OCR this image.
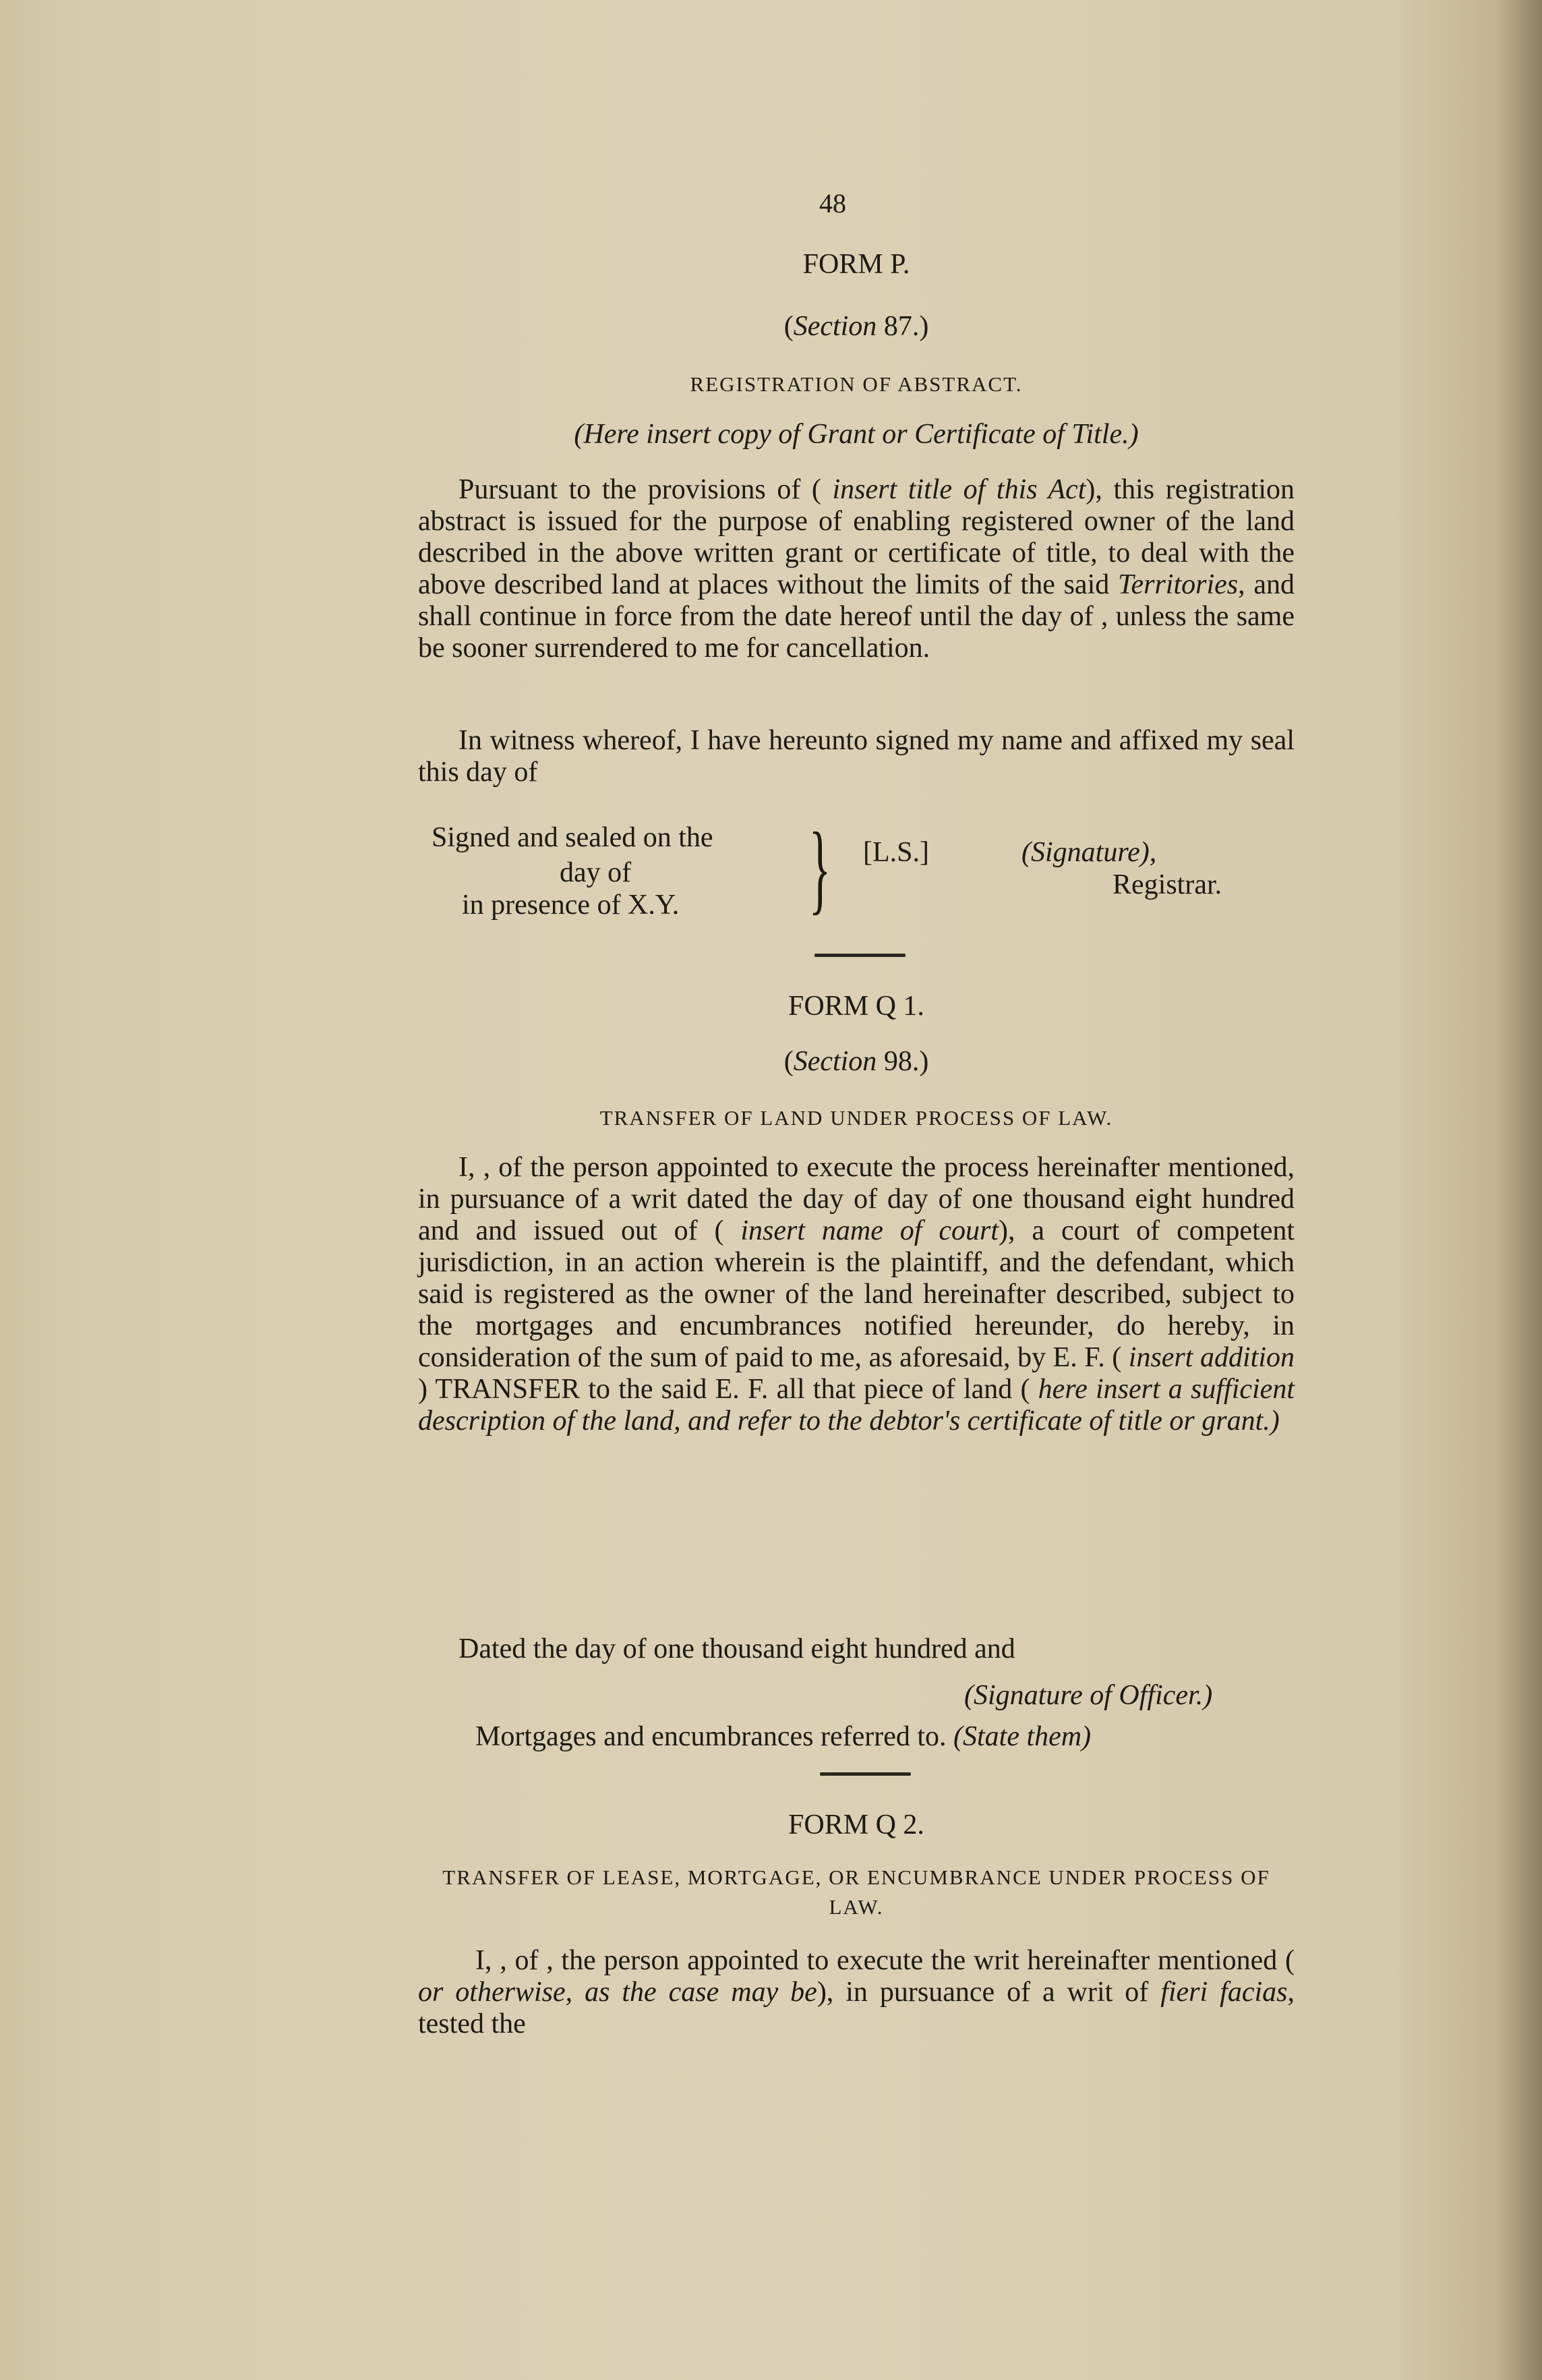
48
FORM P.
(Section 87.)
REGISTRATION OF ABSTRACT.
(Here insert copy of Grant or Certificate of Title.)
Pursuant to the provisions of ( insert title of this Act), this registration abstract is issued for the purpose of enabling registered owner of the land described in the above written grant or certificate of title, to deal with the above described land at places without the limits of the said Territories, and shall continue in force from the date hereof until the day of , unless the same be sooner surrendered to me for cancellation.
In witness whereof, I have hereunto signed my name and affixed my seal this day of
Signed and sealed on the
day of
in presence of X.Y. } [L.S.]	(Signature),
Registrar.
FORM Q 1.
(Section 98.)
TRANSFER OF LAND UNDER PROCESS OF LAW.
I, , of the person appointed to execute the process hereinafter mentioned, in pursuance of a writ dated the day of day of one thousand eight hundred and and issued out of ( insert name of court), a court of competent jurisdiction, in an action wherein is the plaintiff, and the defendant, which said is registered as the owner of the land hereinafter described, subject to the mortgages and encumbrances notified hereunder, do hereby, in consideration of the sum of paid to me, as aforesaid, by E. F. ( insert addition ) TRANSFER to the said E. F. all that piece of land ( here insert a sufficient description of the land, and refer to the debtor's certificate of title or grant.)
Dated the day of one thousand eight hundred and
(Signature of Officer.)
Mortgages and encumbrances referred to. (State them)
FORM Q 2.
TRANSFER OF LEASE, MORTGAGE, OR ENCUMBRANCE UNDER PROCESS OF LAW.
I, , of , the person appointed to execute the writ hereinafter mentioned ( or otherwise, as the case may be), in pursuance of a writ of fieri facias, tested the
